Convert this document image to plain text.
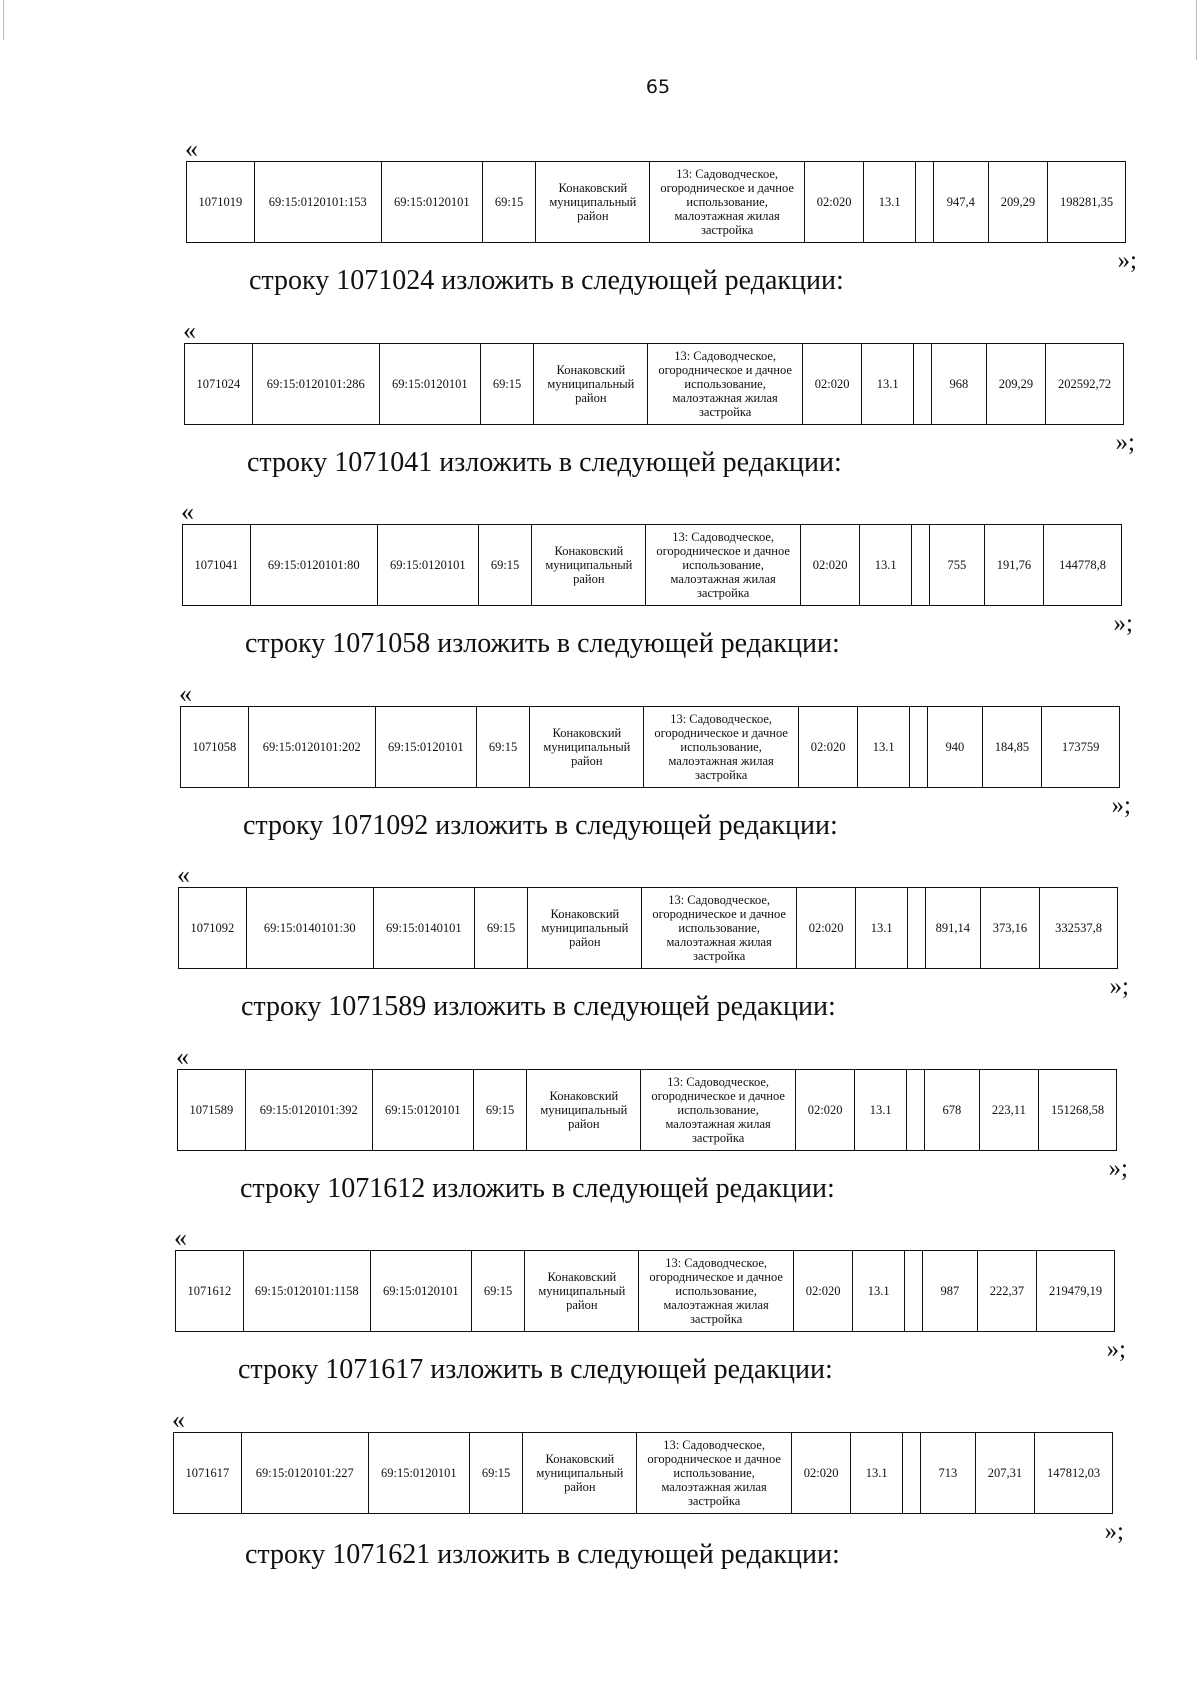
65
«
1071019	69:15:0120101:153	69:15:0120101	69:15	Конаковский муниципальный район	13: Садоводческое, огородническое и дачное использование, малоэтажная жилая застройка	02:020	13.1		947,4	209,29	198281,35
»;
строку 1071024 изложить в следующей редакции:
«
1071024	69:15:0120101:286	69:15:0120101	69:15	Конаковский муниципальный район	13: Садоводческое, огородническое и дачное использование, малоэтажная жилая застройка	02:020	13.1		968	209,29	202592,72
»;
строку 1071041 изложить в следующей редакции:
«
1071041	69:15:0120101:80	69:15:0120101	69:15	Конаковский муниципальный район	13: Садоводческое, огородническое и дачное использование, малоэтажная жилая застройка	02:020	13.1		755	191,76	144778,8
»;
строку 1071058 изложить в следующей редакции:
«
1071058	69:15:0120101:202	69:15:0120101	69:15	Конаковский муниципальный район	13: Садоводческое, огородническое и дачное использование, малоэтажная жилая застройка	02:020	13.1		940	184,85	173759
»;
строку 1071092 изложить в следующей редакции:
«
1071092	69:15:0140101:30	69:15:0140101	69:15	Конаковский муниципальный район	13: Садоводческое, огородническое и дачное использование, малоэтажная жилая застройка	02:020	13.1		891,14	373,16	332537,8
»;
строку 1071589 изложить в следующей редакции:
«
1071589	69:15:0120101:392	69:15:0120101	69:15	Конаковский муниципальный район	13: Садоводческое, огородническое и дачное использование, малоэтажная жилая застройка	02:020	13.1		678	223,11	151268,58
»;
строку 1071612 изложить в следующей редакции:
«
1071612	69:15:0120101:1158	69:15:0120101	69:15	Конаковский муниципальный район	13: Садоводческое, огородническое и дачное использование, малоэтажная жилая застройка	02:020	13.1		987	222,37	219479,19
»;
строку 1071617 изложить в следующей редакции:
«
1071617	69:15:0120101:227	69:15:0120101	69:15	Конаковский муниципальный район	13: Садоводческое, огородническое и дачное использование, малоэтажная жилая застройка	02:020	13.1		713	207,31	147812,03
»;
строку 1071621 изложить в следующей редакции:
